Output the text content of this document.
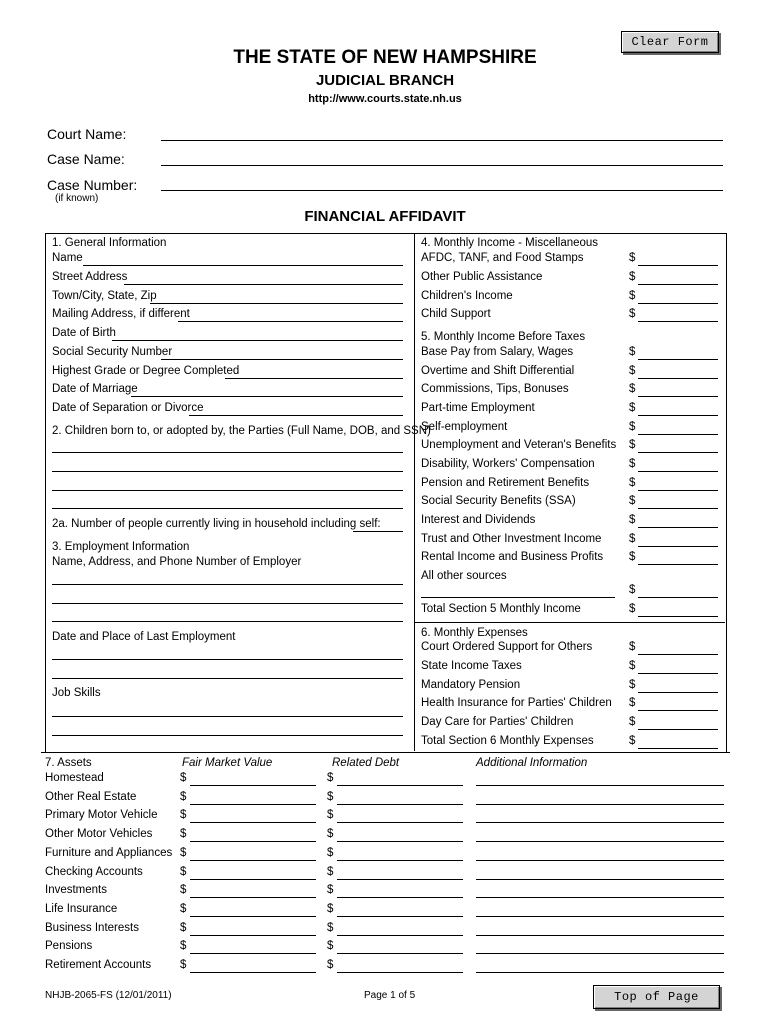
Clear Form
THE STATE OF NEW HAMPSHIRE
JUDICIAL BRANCH
http://www.courts.state.nh.us
Court Name:
Case Name:
Case Number:
(if known)
FINANCIAL AFFIDAVIT
1. General Information
Name
Street Address
Town/City, State, Zip
Mailing Address, if different
Date of Birth
Social Security Number
Highest Grade or Degree Completed
Date of Marriage
Date of Separation or Divorce
2. Children born to, or adopted by, the Parties (Full Name, DOB, and SSN)
2a. Number of people currently living in household including self:
3. Employment Information
Name, Address, and Phone Number of Employer
Date and Place of Last Employment
Job Skills
4. Monthly Income - Miscellaneous
AFDC, TANF, and Food Stamps	$
Other Public Assistance	$
Children's Income	$
Child Support	$
5. Monthly Income Before Taxes
Base Pay from Salary, Wages	$
Overtime and Shift Differential	$
Commissions, Tips, Bonuses	$
Part-time Employment	$
Self-employment	$
Unemployment and Veteran's Benefits $
Disability, Workers' Compensation	$
Pension and Retirement Benefits	$
Social Security Benefits (SSA)	$
Interest and Dividends	$
Trust and Other Investment Income $
Rental Income and Business Profits $
All other sources
$
Total Section 5 Monthly Income	$
6. Monthly Expenses
Court Ordered Support for Others	$
State Income Taxes	$
Mandatory Pension	$
Health Insurance for Parties' Children $
Day Care for Parties' Children	$
Total Section 6 Monthly Expenses	$
7. Assets	Fair Market Value	Related Debt	Additional Information
Homestead	$	$
Other Real Estate	$	$
Primary Motor Vehicle $	$
Other Motor Vehicles $	$
Furniture and Appliances $	$
Checking Accounts	$	$
Investments	$	$
Life Insurance	$	$
Business Interests	$	$
Pensions	$	$
Retirement Accounts	$	$
NHJB-2065-FS (12/01/2011)	Page 1 of 5	Top of Page
